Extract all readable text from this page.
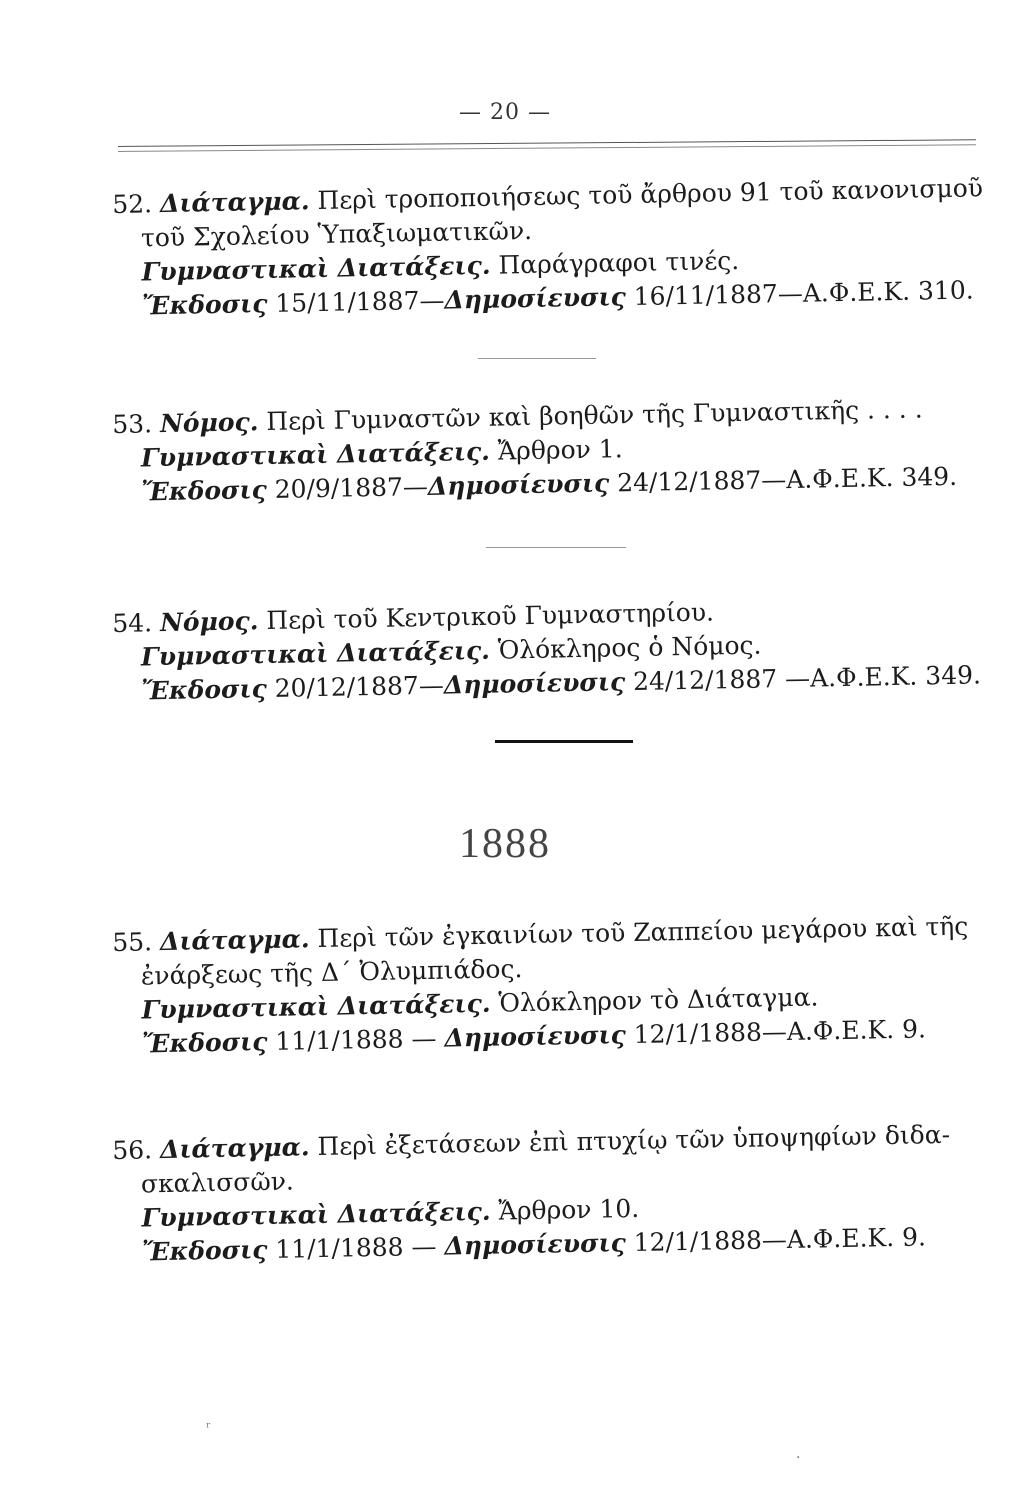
— 20 —
52. Διάταγμα. Περὶ τροποποιήσεως τοῦ ἄρθρου 91 τοῦ κανονισμοῦ
τοῦ Σχολείου Ὑπαξιωματικῶν.
Γυμναστικαὶ Διατάξεις. Παράγραφοι τινές.
Ἔκδοσις 15/11/1887—Δημοσίευσις 16/11/1887—Α.Φ.Ε.Κ. 310.
53. Νόμος. Περὶ Γυμναστῶν καὶ βοηθῶν τῆς Γυμναστικῆς . . . .
Γυμναστικαὶ Διατάξεις. Ἄρθρον 1.
Ἔκδοσις 20/9/1887—Δημοσίευσις 24/12/1887—Α.Φ.Ε.Κ. 349.
54. Νόμος. Περὶ τοῦ Κεντρικοῦ Γυμναστηρίου.
Γυμναστικαὶ Διατάξεις. Ὁλόκληρος ὁ Νόμος.
Ἔκδοσις 20/12/1887—Δημοσίευσις 24/12/1887 —Α.Φ.Ε.Κ. 349.
1888
55. Διάταγμα. Περὶ τῶν ἐγκαινίων τοῦ Ζαππείου μεγάρου καὶ τῆς
ἐνάρξεως τῆς Δ΄ Ὀλυμπιάδος.
Γυμναστικαὶ Διατάξεις. Ὁλόκληρον τὸ Διάταγμα.
Ἔκδοσις 11/1/1888 — Δημοσίευσις 12/1/1888—Α.Φ.Ε.Κ. 9.
56. Διάταγμα. Περὶ ἐξετάσεων ἐπὶ πτυχίῳ τῶν ὑποψηφίων διδα-
σκαλισσῶν.
Γυμναστικαὶ Διατάξεις. Ἄρθρον 10.
Ἔκδοσις 11/1/1888 — Δημοσίευσις 12/1/1888—Α.Φ.Ε.Κ. 9.
ʳ
·
